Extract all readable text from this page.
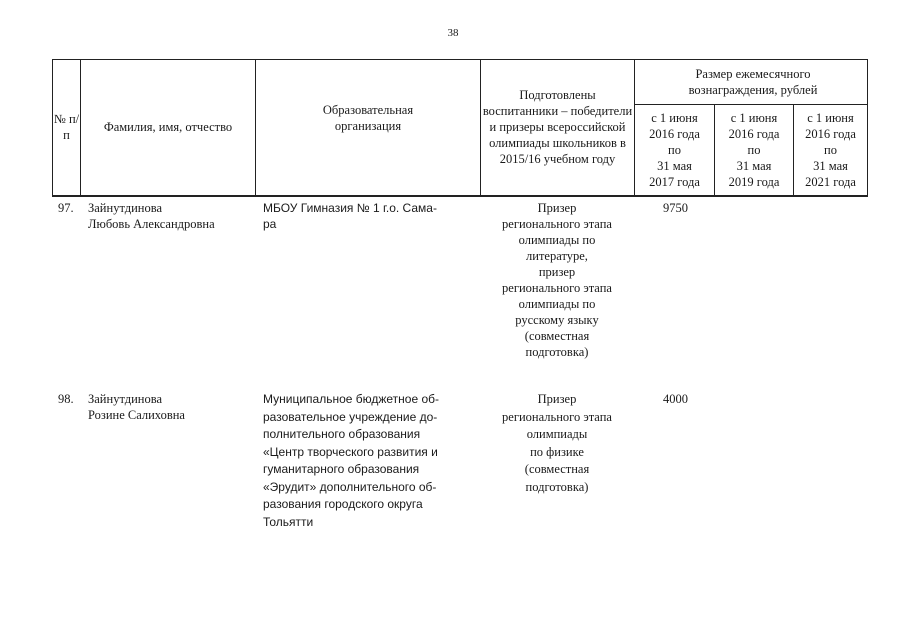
38
№ п/п
Фамилия, имя, отчество
Образовательная организация
Подготовлены воспитанники – победители и призеры всероссийской олимпиады школьников в 2015/16 учебном году
Размер ежемесячного вознаграждения, рублей
с 1 июня
2016 года
по
31 мая
2017 года
с 1 июня
2016 года
по
31 мая
2019 года
с 1 июня
2016 года
по
31 мая
2021 года
97. Зайнутдинова
Любовь Александровна
МБОУ Гимназия № 1 г.о. Сама-
ра
Призер
регионального этапа
олимпиады по
литературе,
призер
регионального этапа
олимпиады по
русскому языку
(совместная
подготовка)
9750
98. Зайнутдинова
Розине Салиховна
Муниципальное бюджетное об-
разовательное учреждение до-
полнительного образования
«Центр творческого развития и
гуманитарного образования
«Эрудит» дополнительного об-
разования городского округа
Тольятти
Призер
регионального этапа
олимпиады
по физике
(совместная
подготовка)
4000
